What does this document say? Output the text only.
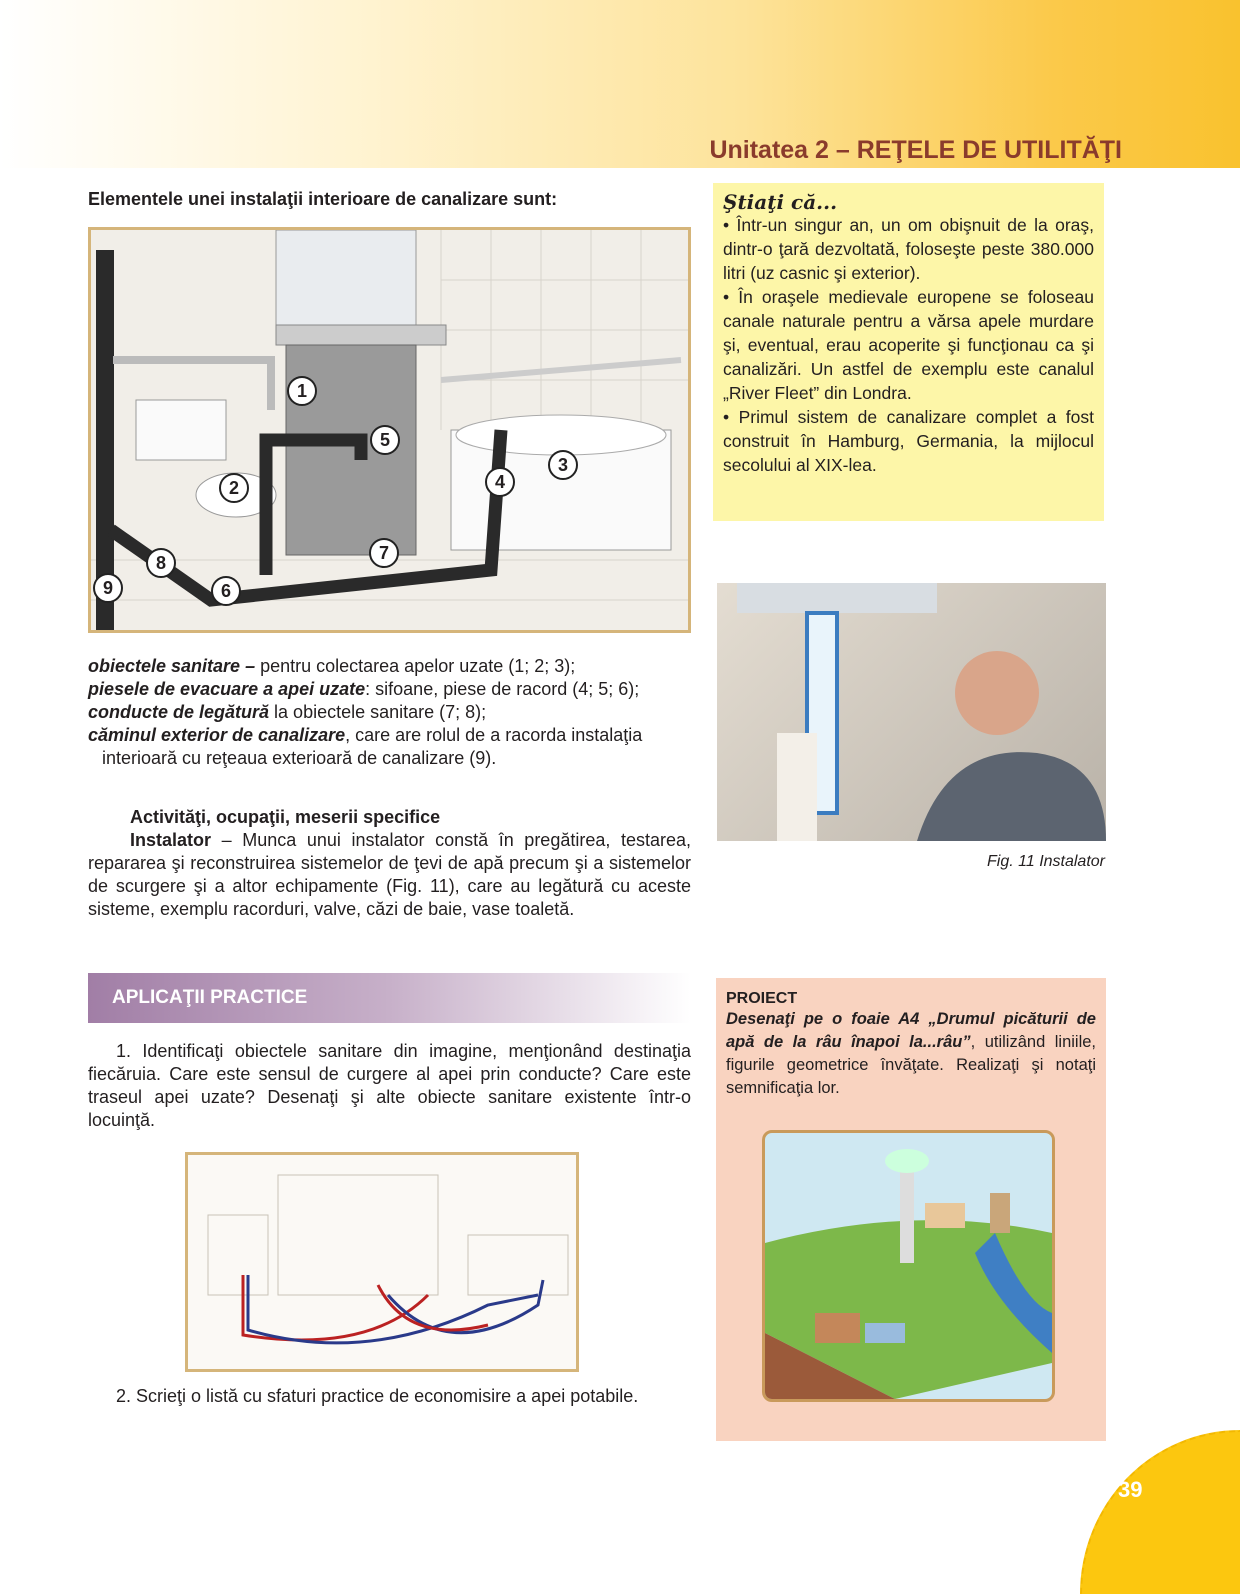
Unitatea 2 – REŢELE DE UTILITĂŢI
Elementele unei instalaţii interioare de canalizare sunt:
1
2
3
4
5
6
7
8
9
obiectele sanitare – pentru colectarea apelor uzate (1; 2; 3);
piesele de evacuare a apei uzate: sifoane, piese de racord (4; 5; 6);
conducte de legătură la obiectele sanitare (7; 8);
căminul exterior de canalizare, care are rolul de a racorda instalaţia interioară cu reţeaua exterioară de canalizare (9).
Activităţi, ocupaţii, meserii specifice
Instalator – Munca unui instalator constă în pregătirea, testarea, repararea şi reconstruirea sistemelor de ţevi de apă precum şi a sistemelor de scurgere şi a altor echipamente (Fig. 11), care au legătură cu aceste sisteme, exemplu racorduri, valve, căzi de baie, vase toaletă.
Ştiaţi că...
• Într-un singur an, un om obişnuit de la oraş, dintr-o ţară dezvoltată, foloseşte peste 380.000 litri (uz casnic şi exterior).
• În oraşele medievale europene se foloseau canale naturale pentru a vărsa apele murdare şi, eventual, erau acoperite şi funcţionau ca şi canalizări. Un astfel de exemplu este canalul „River Fleet” din Londra.
• Primul sistem de canalizare complet a fost construit în Hamburg, Germania, la mijlocul secolului al XIX-lea.
Fig. 11 Instalator
APLICAŢII PRACTICE
1. Identificaţi obiectele sanitare din imagine, menţionând destinaţia fiecăruia. Care este sensul de curgere al apei prin conducte? Care este traseul apei uzate? Desenaţi şi alte obiecte sanitare existente într-o locuinţă.
2. Scrieţi o listă cu sfaturi practice de economisire a apei potabile.
PROIECT
Desenaţi pe o foaie A4 „Drumul picăturii de apă de la râu înapoi la...râu”, utilizând liniile, figurile geometrice învăţate. Realizaţi şi notaţi semnificaţia lor.
39
